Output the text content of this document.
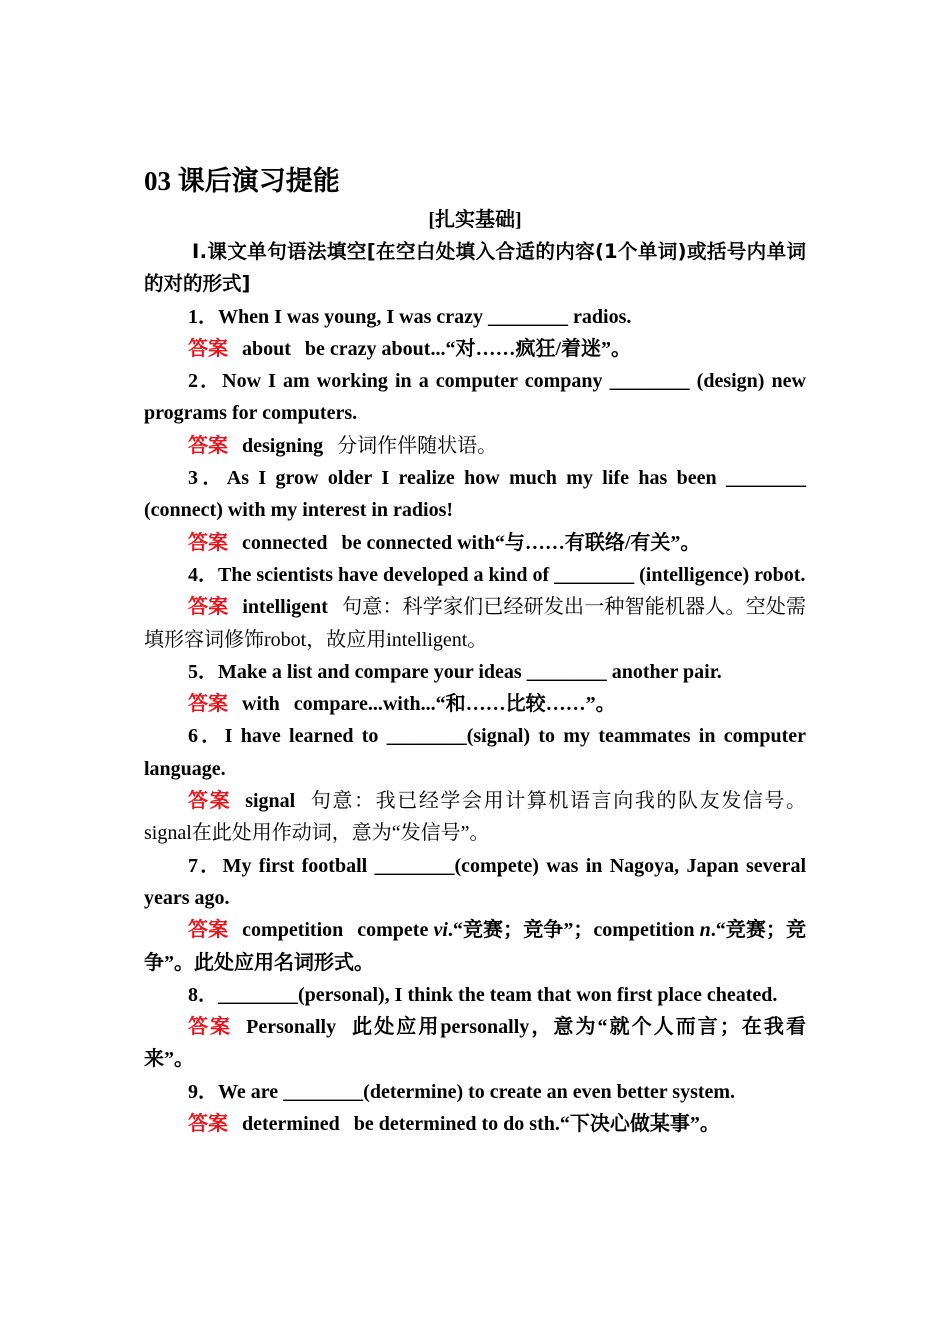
03 课后演习提能
[扎实基础]
Ⅰ.课文单句语法填空[在空白处填入合适的内容(1个单词)或括号内单词的对的形式]
1．When I was young, I was crazy ________ radios.
答案 about be crazy about...“对……疯狂/着迷”。
2．Now I am working in a computer company ________ (design) new programs for computers.
答案 designing 分词作伴随状语。
3．As I grow older I realize how much my life has been ________ (connect) with my interest in radios!
答案 connected be connected with“与……有联络/有关”。
4．The scientists have developed a kind of ________ (intelligence) robot.
答案 intelligent 句意：科学家们已经研发出一种智能机器人。空处需填形容词修饰robot，故应用intelligent。
5．Make a list and compare your ideas ________ another pair.
答案 with compare...with...“和……比较……”。
6．I have learned to ________(signal) to my teammates in computer language.
答案 signal 句意：我已经学会用计算机语言向我的队友发信号。signal在此处用作动词，意为“发信号”。
7．My first football ________(compete) was in Nagoya, Japan several years ago.
答案 competition compete vi.“竞赛；竞争”；competition n.“竞赛；竞争”。此处应用名词形式。
8．________(personal), I think the team that won first place cheated.
答案 Personally 此处应用personally，意为“就个人而言；在我看来”。
9．We are ________(determine) to create an even better system.
答案 determined be determined to do sth.“下决心做某事”。
